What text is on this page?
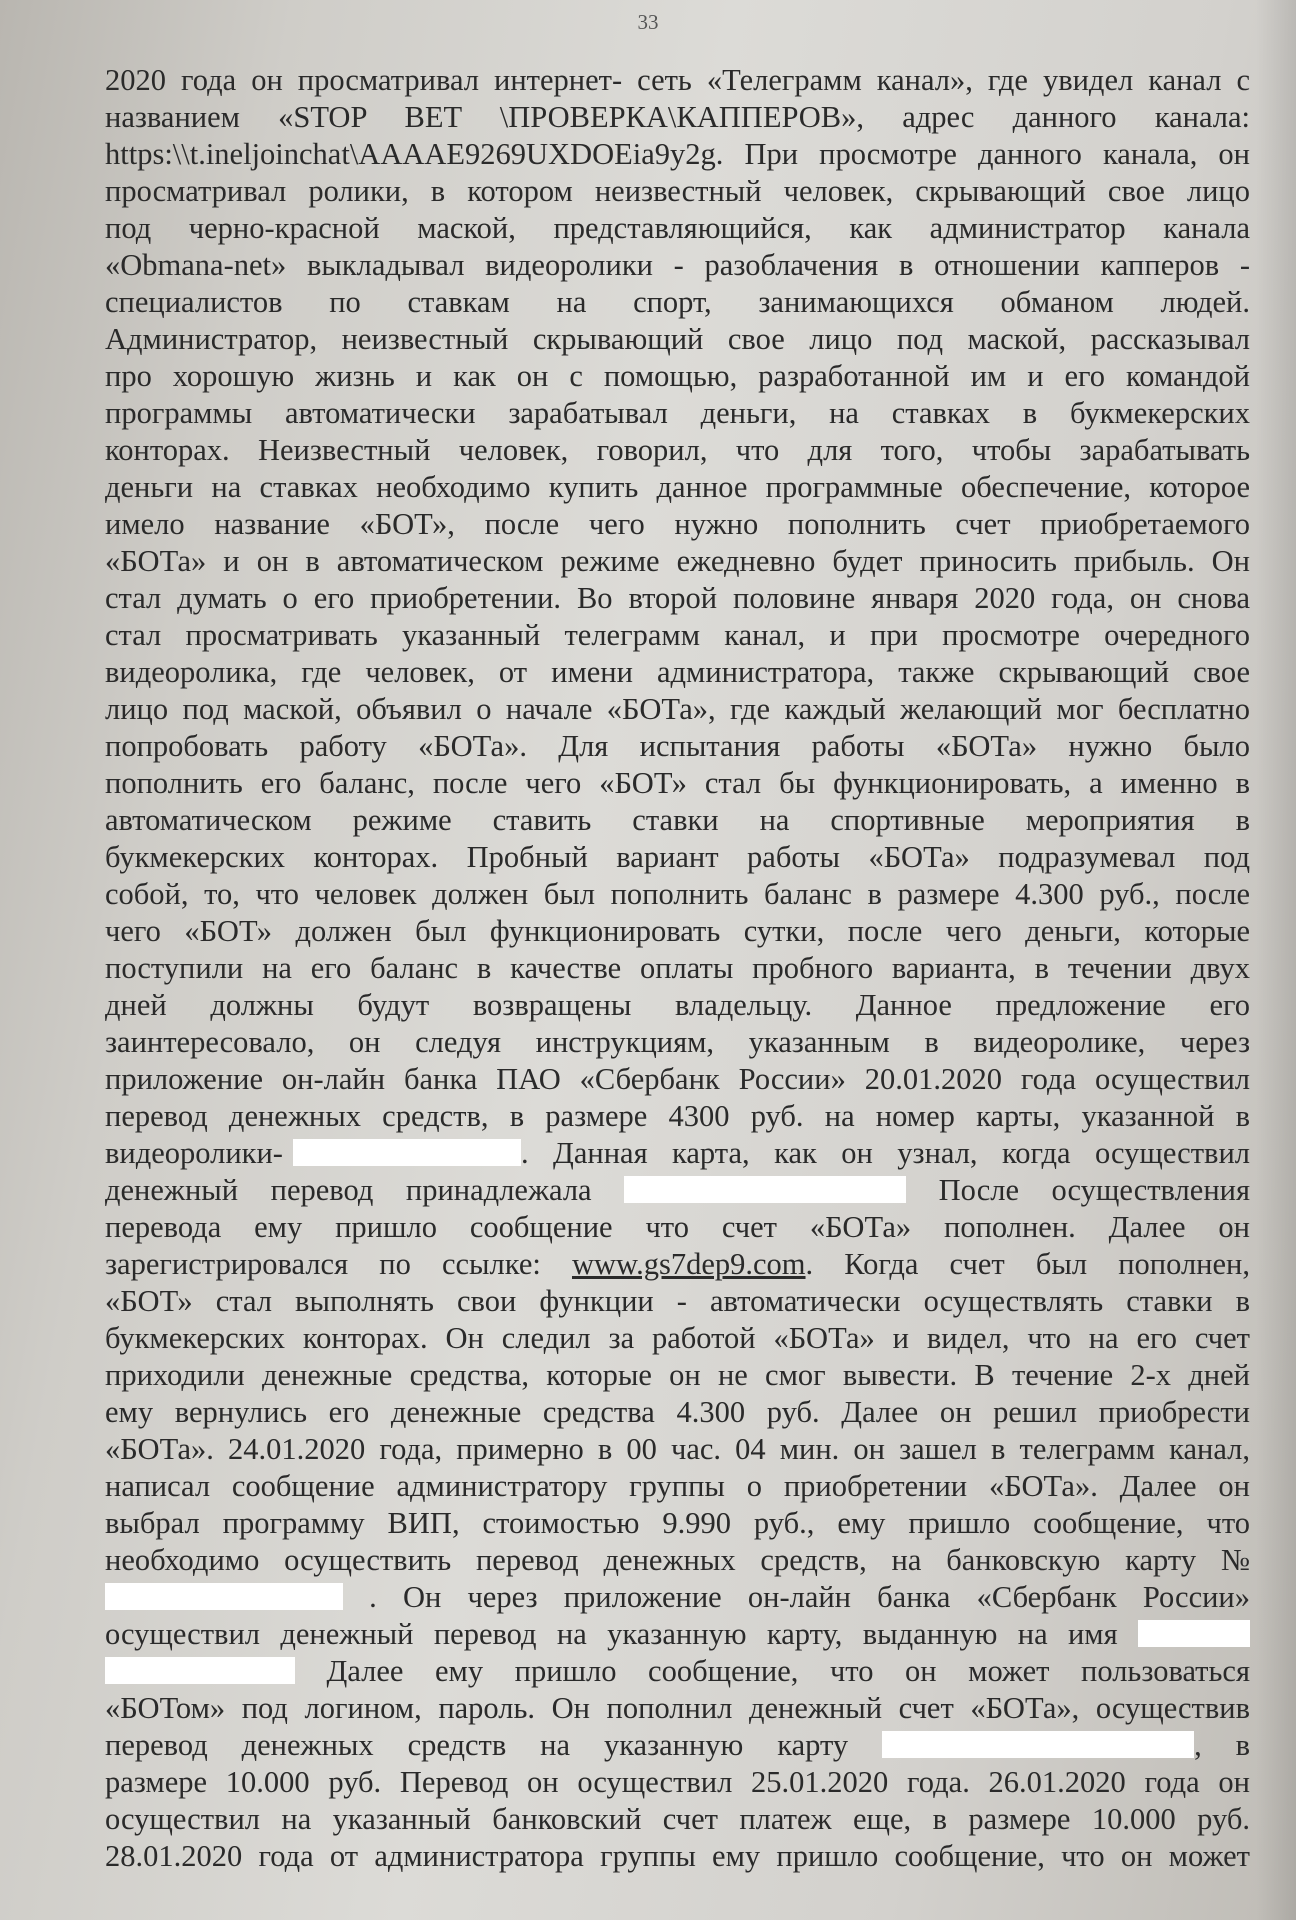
33
2020 года он просматривал интернет- сеть «Телеграмм канал», где увидел канал с
названием «STOP BET \ПРОВЕРКА\КАППЕРОВ», адрес данного канала:
https:\\t.ineljoinchat\AAAAE9269UXDOEia9y2g. При просмотре данного канала, он
просматривал ролики, в котором неизвестный человек, скрывающий свое лицо
под черно-красной маской, представляющийся, как администратор канала
«Obmana-net» выкладывал видеоролики - разоблачения в отношении капперов -
специалистов по ставкам на спорт, занимающихся обманом людей.
Администратор, неизвестный скрывающий свое лицо под маской, рассказывал
про хорошую жизнь и как он с помощью, разработанной им и его командой
программы автоматически зарабатывал деньги, на ставках в букмекерских
конторах. Неизвестный человек, говорил, что для того, чтобы зарабатывать
деньги на ставках необходимо купить данное программные обеспечение, которое
имело название «БОТ», после чего нужно пополнить счет приобретаемого
«БОТа» и он в автоматическом режиме ежедневно будет приносить прибыль. Он
стал думать о его приобретении. Во второй половине января 2020 года, он снова
стал просматривать указанный телеграмм канал, и при просмотре очередного
видеоролика, где человек, от имени администратора, также скрывающий свое
лицо под маской, объявил о начале «БОТа», где каждый желающий мог бесплатно
попробовать работу «БОТа». Для испытания работы «БОТа» нужно было
пополнить его баланс, после чего «БОТ» стал бы функционировать, а именно в
автоматическом режиме ставить ставки на спортивные мероприятия в
букмекерских конторах. Пробный вариант работы «БОТа» подразумевал под
собой, то, что человек должен был пополнить баланс в размере 4.300 руб., после
чего «БОТ» должен был функционировать сутки, после чего деньги, которые
поступили на его баланс в качестве оплаты пробного варианта, в течении двух
дней должны будут возвращены владельцу. Данное предложение его
заинтересовало, он следуя инструкциям, указанным в видеоролике, через
приложение он-лайн банка ПАО «Сбербанк России» 20.01.2020 года осуществил
перевод денежных средств, в размере 4300 руб. на номер карты, указанной в
видеоролики-	. Данная карта, как он узнал, когда осуществил
денежный перевод принадлежала	После осуществления
перевода ему пришло сообщение что счет «БОТа» пополнен. Далее он
зарегистрировался по ссылке: www.gs7dep9.com. Когда счет был пополнен,
«БОТ» стал выполнять свои функции - автоматически осуществлять ставки в
букмекерских конторах. Он следил за работой «БОТа» и видел, что на его счет
приходили денежные средства, которые он не смог вывести. В течение 2-х дней
ему вернулись его денежные средства 4.300 руб. Далее он решил приобрести
«БОТа». 24.01.2020 года, примерно в 00 час. 04 мин. он зашел в телеграмм канал,
написал сообщение администратору группы о приобретении «БОТа». Далее он
выбрал программу ВИП, стоимостью 9.990 руб., ему пришло сообщение, что
необходимо осуществить перевод денежных средств, на банковскую карту №
. Он через приложение он-лайн банка «Сбербанк России»
осуществил денежный перевод на указанную карту, выданную на имя
Далее ему пришло сообщение, что он может пользоваться
«БОТом» под логином, пароль. Он пополнил денежный счет «БОТа», осуществив
перевод денежных средств на указанную карту	, в
размере 10.000 руб. Перевод он осуществил 25.01.2020 года. 26.01.2020 года он
осуществил на указанный банковский счет платеж еще, в размере 10.000 руб.
28.01.2020 года от администратора группы ему пришло сообщение, что он может
